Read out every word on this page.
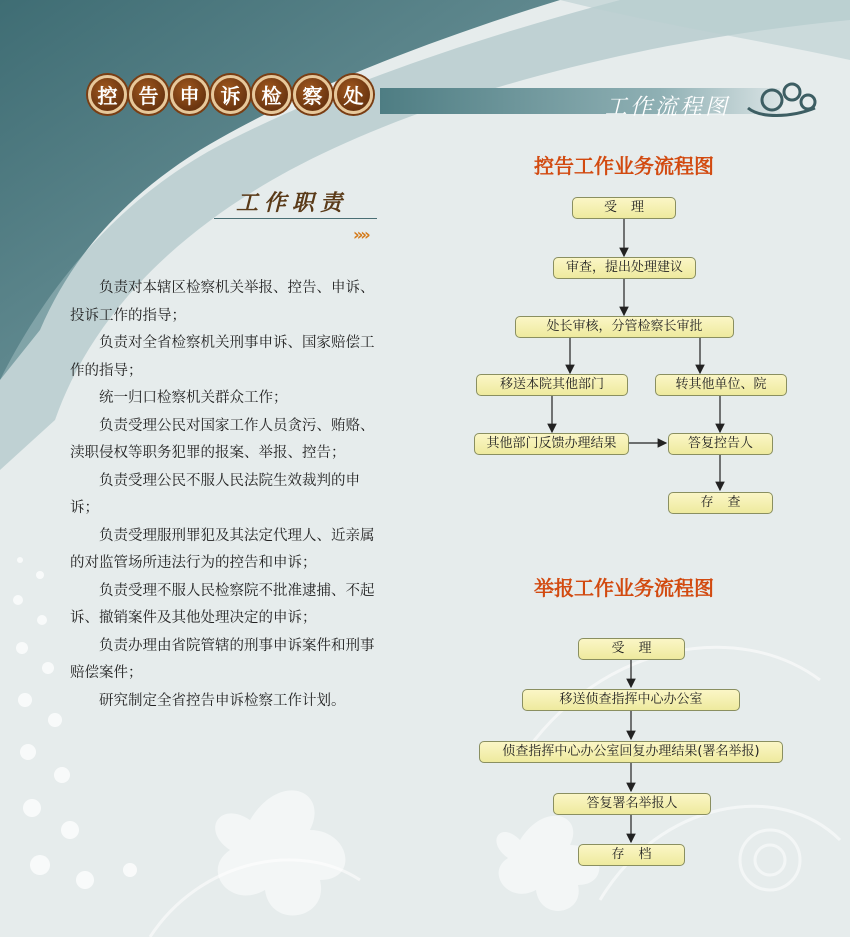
控	告	申	诉	检	察	处	工作流程图
工作职责
»»

负责对本辖区检察机关举报、控告、申诉、投诉工作的指导；

负责对全省检察机关刑事申诉、国家赔偿工作的指导；

统一归口检察机关群众工作；

负责受理公民对国家工作人员贪污、贿赂、渎职侵权等职务犯罪的报案、举报、控告；

负责受理公民不服人民法院生效裁判的申诉；

负责受理服刑罪犯及其法定代理人、近亲属的对监管场所违法行为的控告和申诉；

负责受理不服人民检察院不批准逮捕、不起诉、撤销案件及其他处理决定的申诉；

负责办理由省院管辖的刑事申诉案件和刑事赔偿案件；

研究制定全省控告申诉检察工作计划。

控告工作业务流程图
受理
审查，提出处理建议
处长审核，分管检察长审批
移送本院其他部门	转其他单位、院
其他部门反馈办理结果	答复控告人
存查
举报工作业务流程图
受理
移送侦查指挥中心办公室
侦查指挥中心办公室回复办理结果(署名举报)
答复署名举报人
存档
